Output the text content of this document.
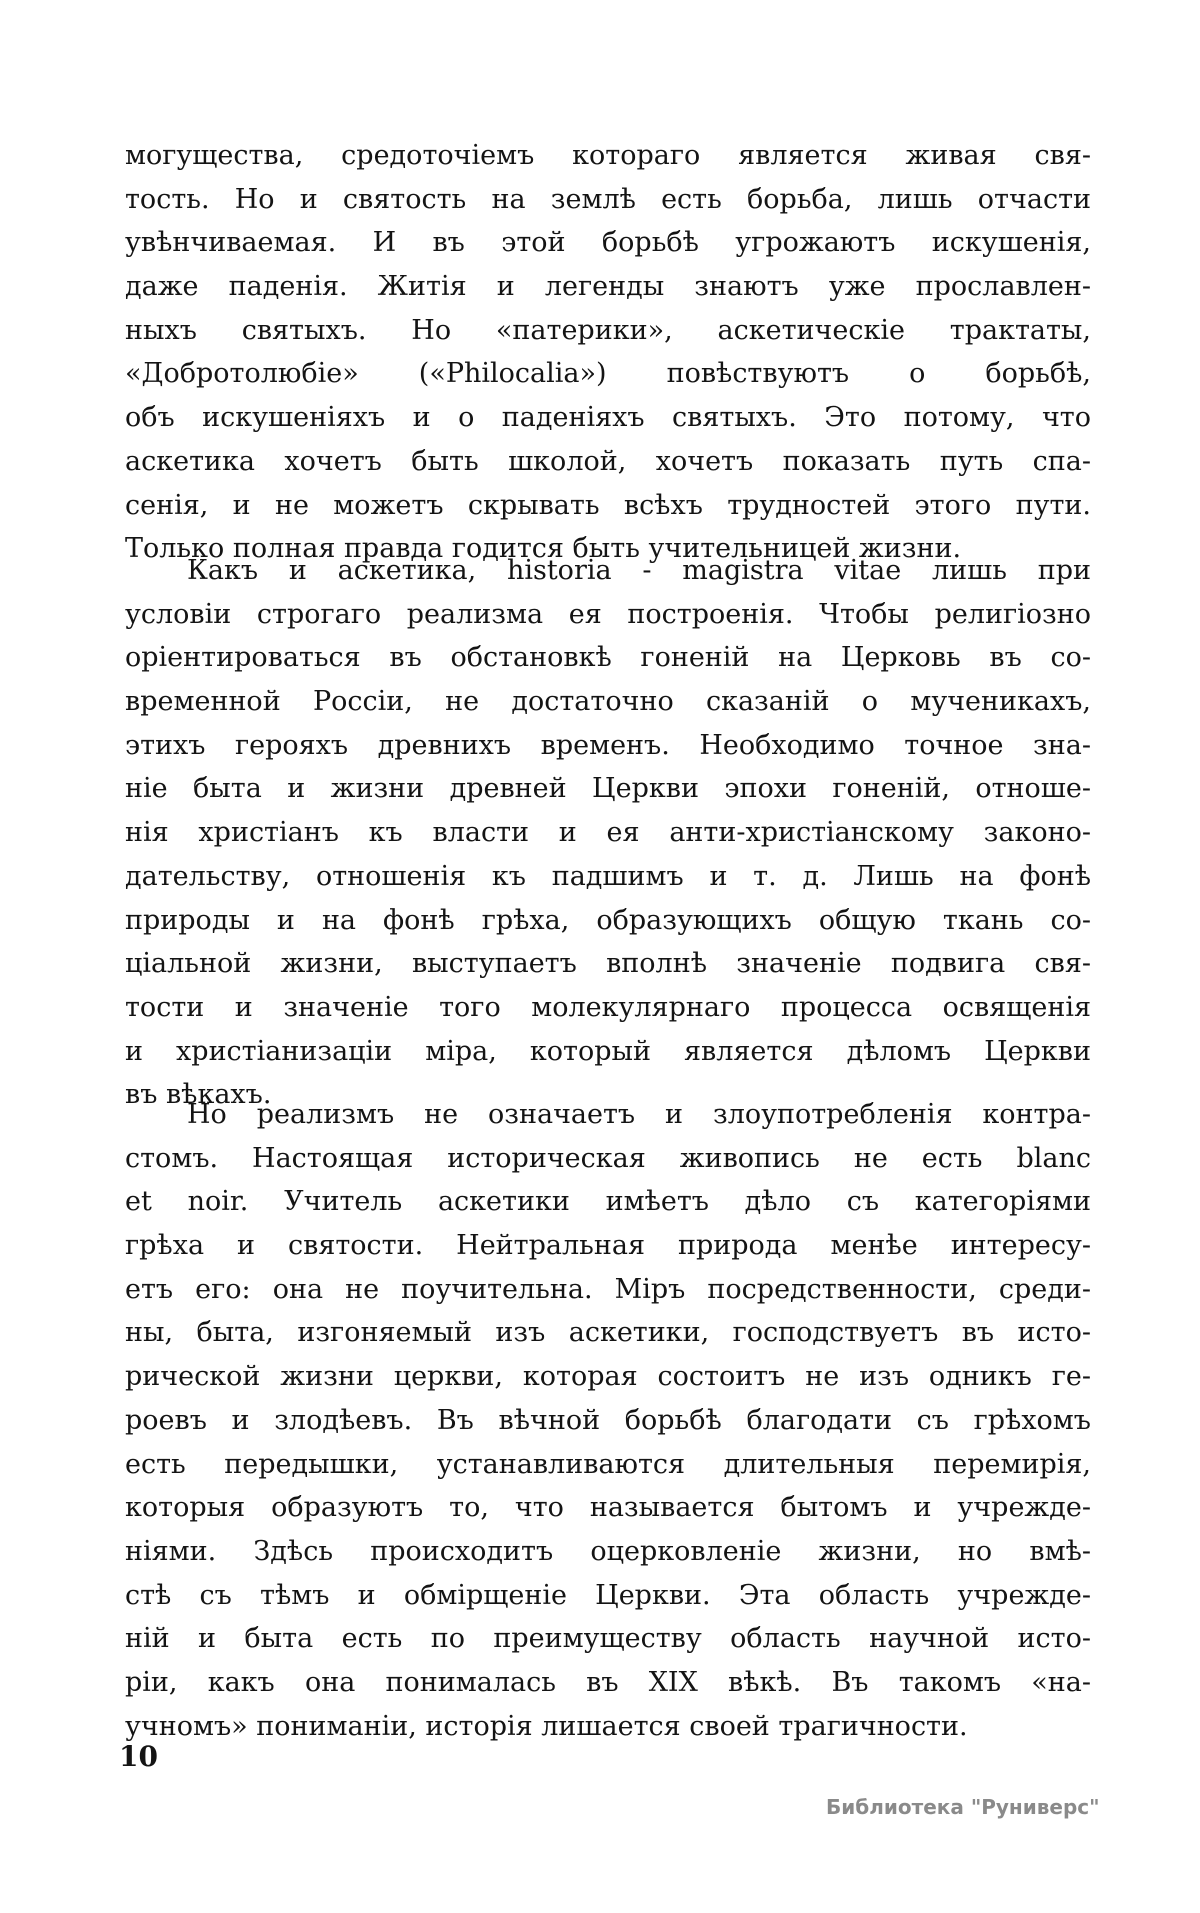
могущества, средоточіемъ котораго является живая свя-
тость. Но и святость на землѣ есть борьба, лишь отчасти
увѣнчиваемая. И въ этой борьбѣ угрожаютъ искушенія,
даже паденія. Житія и легенды знаютъ уже прославлен-
ныхъ святыхъ. Но «патерики», аскетическіе трактаты,
«Добротолюбіе» («Philocalia») повѣствуютъ о борьбѣ,
объ искушеніяхъ и о паденіяхъ святыхъ. Это потому, что
аскетика хочетъ быть школой, хочетъ показать путь спа-
сенія, и не можетъ скрывать всѣхъ трудностей этого пути.
Только полная правда годится быть учительницей жизни.
Какъ и аскетика, historia - magistra vitae лишь при
условіи строгаго реализма ея построенія. Чтобы религіозно
оріентироваться въ обстановкѣ гоненій на Церковь въ со-
временной Россіи, не достаточно сказаній о мученикахъ,
этихъ герояхъ древнихъ временъ. Необходимо точное зна-
ніе быта и жизни древней Церкви эпохи гоненій, отноше-
нія христіанъ къ власти и ея анти-христіанскому законо-
дательству, отношенія къ падшимъ и т. д. Лишь на фонѣ
природы и на фонѣ грѣха, образующихъ общую ткань со-
ціальной жизни, выступаетъ вполнѣ значеніе подвига свя-
тости и значеніе того молекулярнаго процесса освященія
и христіанизаціи міра, который является дѣломъ Церкви
въ вѣкахъ.
Но реализмъ не означаетъ и злоупотребленія контра-
стомъ. Настоящая историческая живопись не есть blanc
et noir. Учитель аскетики имѣетъ дѣло съ категоріями
грѣха и святости. Нейтральная природа менѣе интересу-
етъ его: она не поучительна. Міръ посредственности, среди-
ны, быта, изгоняемый изъ аскетики, господствуетъ въ исто-
рической жизни церкви, которая состоитъ не изъ одникъ ге-
роевъ и злодѣевъ. Въ вѣчной борьбѣ благодати съ грѣхомъ
есть передышки, устанавливаются длительныя перемирія,
которыя образуютъ то, что называется бытомъ и учрежде-
ніями. Здѣсь происходитъ оцерковленіе жизни, но вмѣ-
стѣ съ тѣмъ и обмірщеніе Церкви. Эта область учрежде-
ній и быта есть по преимуществу область научной исто-
ріи, какъ она понималась въ XIX вѣкѣ. Въ такомъ «на-
учномъ» пониманіи, исторія лишается своей трагичности.
10
Библиотека "Руниверс"
